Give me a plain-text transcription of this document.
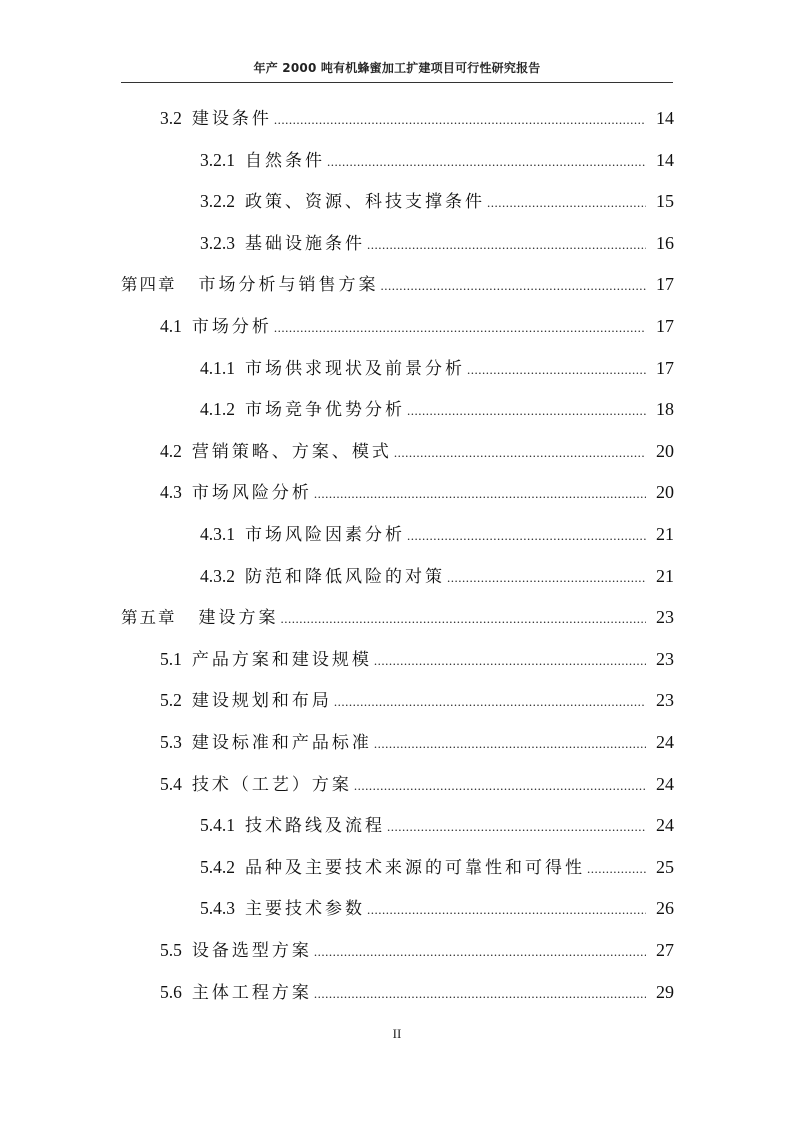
年产 2000 吨有机蜂蜜加工扩建项目可行性研究报告
3.2 建设条件 .....	14
3.2.1 自然条件 .....	14
3.2.2 政策、资源、科技支撑条件 .....	15
3.2.3 基础设施条件 .....	16
第四章 市场分析与销售方案 .....	17
4.1 市场分析 .....	17
4.1.1 市场供求现状及前景分析 .....	17
4.1.2 市场竞争优势分析 .....	18
4.2 营销策略、方案、模式 .....	20
4.3 市场风险分析 .....	20
4.3.1 市场风险因素分析 .....	21
4.3.2 防范和降低风险的对策 .....	21
第五章 建设方案 .....	23
5.1 产品方案和建设规模 .....	23
5.2 建设规划和布局 .....	23
5.3 建设标准和产品标准 .....	24
5.4 技术（工艺）方案 .....	24
5.4.1 技术路线及流程 .....	24
5.4.2 品种及主要技术来源的可靠性和可得性 .....	25
5.4.3 主要技术参数 .....	26
5.5 设备选型方案 .....	27
5.6 主体工程方案 .....	29
II
